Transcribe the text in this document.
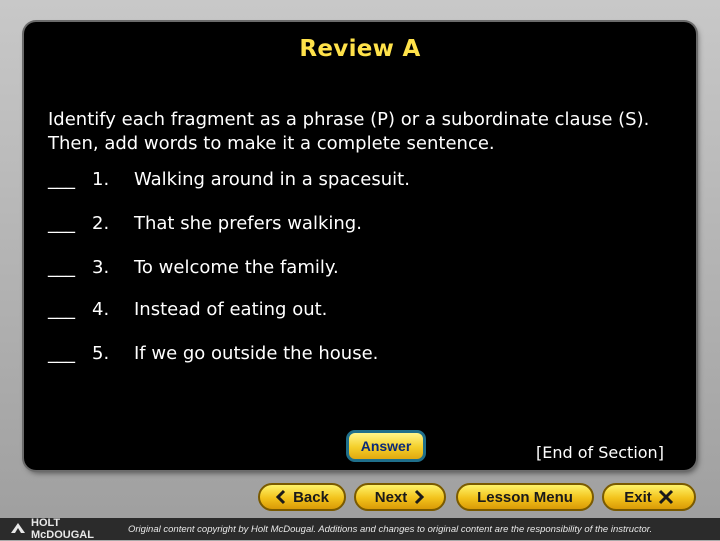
Review A
Identify each fragment as a phrase (P) or a subordinate clause (S). Then, add words to make it a complete sentence.
___ 1. Walking around in a spacesuit.
___ 2. That she prefers walking.
___ 3. To welcome the family.
___ 4. Instead of eating out.
___ 5. If we go outside the house.
Answer	[End of Section]
Back	Next	Lesson Menu	Exit
HOLT McDOUGAL	Original content copyright by Holt McDougal. Additions and changes to original content are the responsibility of the instructor.
